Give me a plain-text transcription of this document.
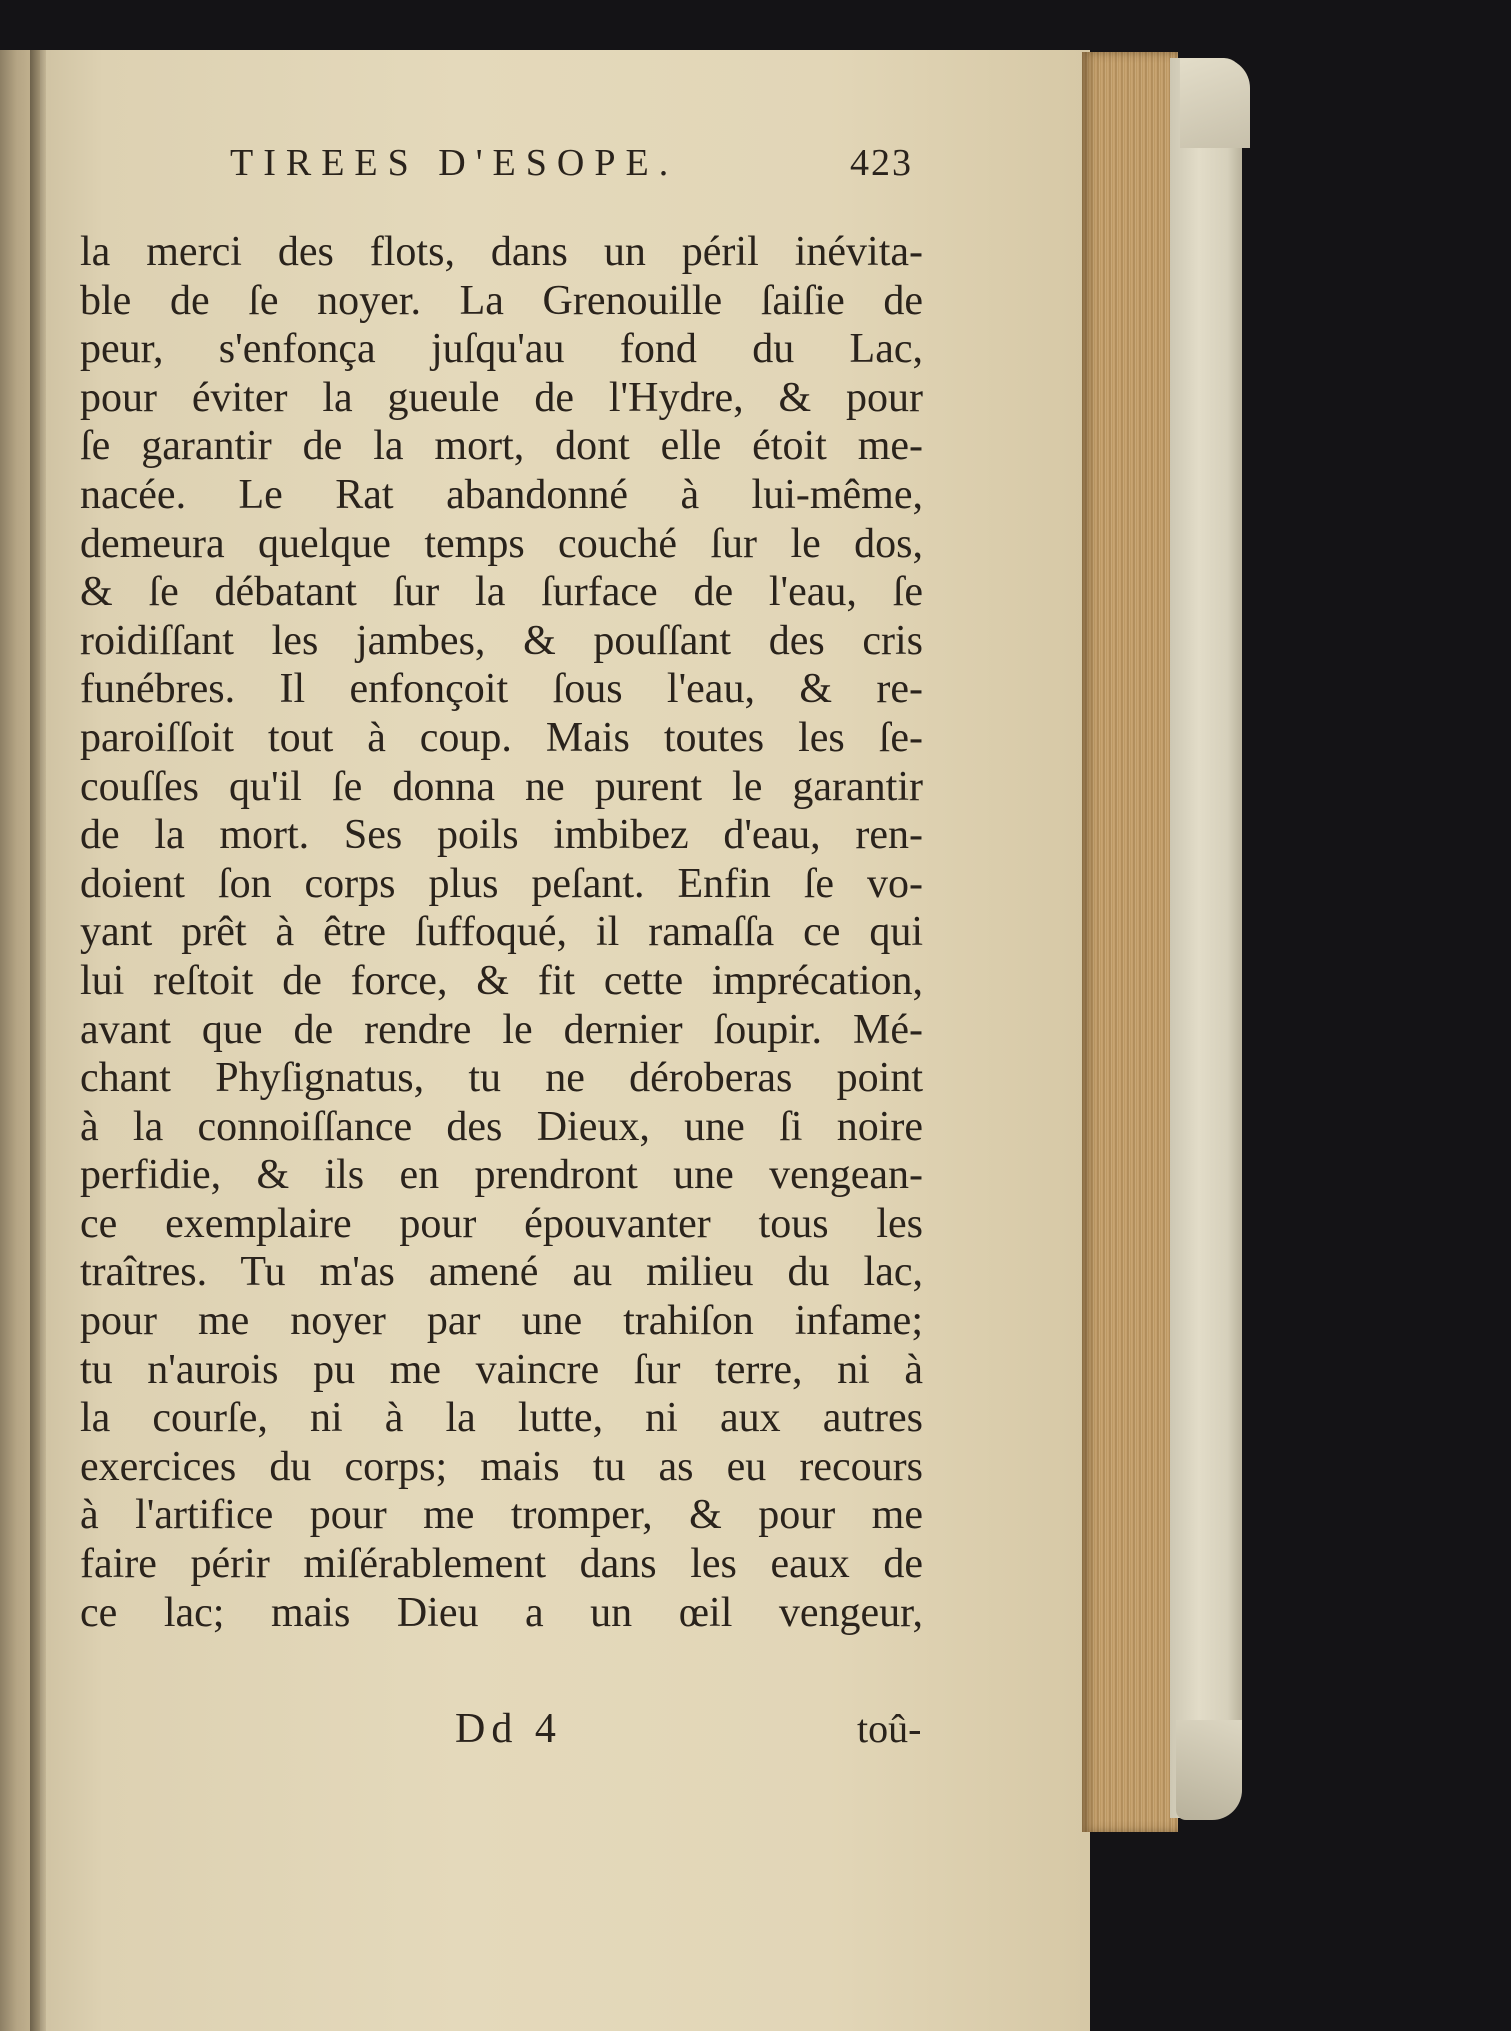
TIREES D'ESOPE.	423
la merci des flots, dans un péril inévita-
ble de ſe noyer. La Grenouille ſaiſie de
peur, s'enfonça juſqu'au fond du Lac,
pour éviter la gueule de l'Hydre, & pour
ſe garantir de la mort, dont elle étoit me-
nacée. Le Rat abandonné à lui-même,
demeura quelque temps couché ſur le dos,
& ſe débatant ſur la ſurface de l'eau, ſe
roidiſſant les jambes, & pouſſant des cris
funébres. Il enfonçoit ſous l'eau, & re-
paroiſſoit tout à coup. Mais toutes les ſe-
couſſes qu'il ſe donna ne purent le garantir
de la mort. Ses poils imbibez d'eau, ren-
doient ſon corps plus peſant. Enfin ſe vo-
yant prêt à être ſuffoqué, il ramaſſa ce qui
lui reſtoit de force, & fit cette imprécation,
avant que de rendre le dernier ſoupir. Mé-
chant Phyſignatus, tu ne déroberas point
à la connoiſſance des Dieux, une ſi noire
perfidie, & ils en prendront une vengean-
ce exemplaire pour épouvanter tous les
traîtres. Tu m'as amené au milieu du lac,
pour me noyer par une trahiſon infame;
tu n'aurois pu me vaincre ſur terre, ni à
la courſe, ni à la lutte, ni aux autres
exercices du corps; mais tu as eu recours
à l'artifice pour me tromper, & pour me
faire périr miſérablement dans les eaux de
ce lac; mais Dieu a un œil vengeur,
Dd 4	toû-
